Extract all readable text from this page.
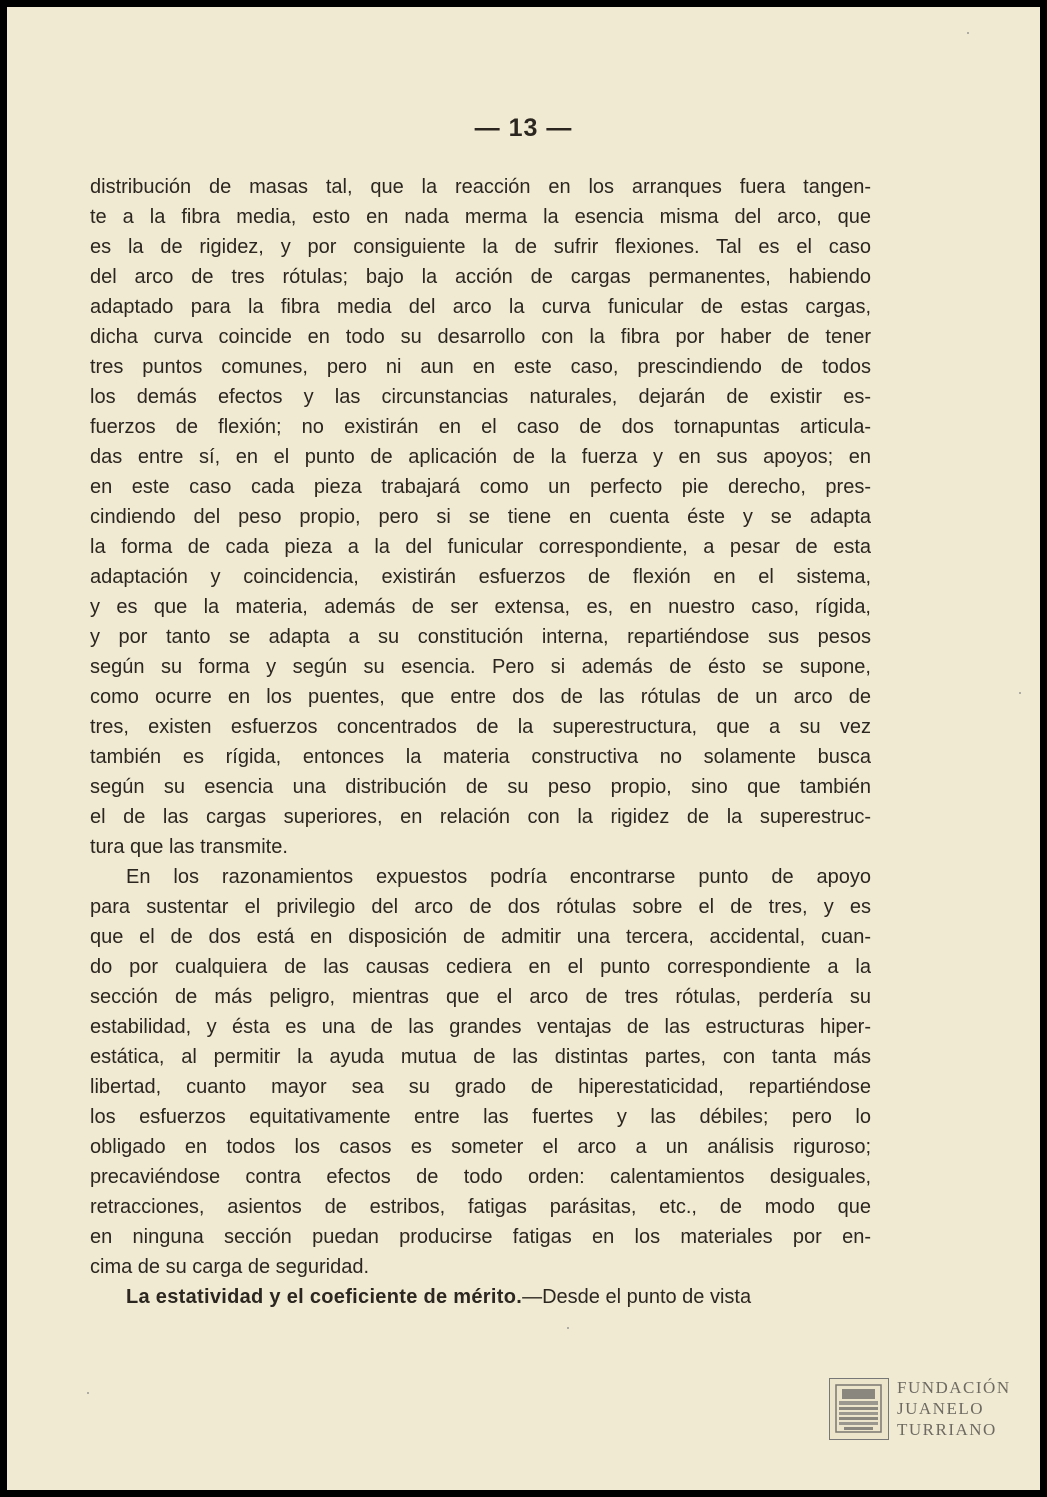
— 13 —
distribución de masas tal, que la reacción en los arranques fuera tangen-
te a la fibra media, esto en nada merma la esencia misma del arco, que
es la de rigidez, y por consiguiente la de sufrir flexiones. Tal es el caso
del arco de tres rótulas; bajo la acción de cargas permanentes, habiendo
adaptado para la fibra media del arco la curva funicular de estas cargas,
dicha curva coincide en todo su desarrollo con la fibra por haber de tener
tres puntos comunes, pero ni aun en este caso, prescindiendo de todos
los demás efectos y las circunstancias naturales, dejarán de existir es-
fuerzos de flexión; no existirán en el caso de dos tornapuntas articula-
das entre sí, en el punto de aplicación de la fuerza y en sus apoyos; en
en este caso cada pieza trabajará como un perfecto pie derecho, pres-
cindiendo del peso propio, pero si se tiene en cuenta éste y se adapta
la forma de cada pieza a la del funicular correspondiente, a pesar de esta
adaptación y coincidencia, existirán esfuerzos de flexión en el sistema,
y es que la materia, además de ser extensa, es, en nuestro caso, rígida,
y por tanto se adapta a su constitución interna, repartiéndose sus pesos
según su forma y según su esencia. Pero si además de ésto se supone,
como ocurre en los puentes, que entre dos de las rótulas de un arco de
tres, existen esfuerzos concentrados de la superestructura, que a su vez
también es rígida, entonces la materia constructiva no solamente busca
según su esencia una distribución de su peso propio, sino que también
el de las cargas superiores, en relación con la rigidez de la superestruc-
tura que las transmite.
En los razonamientos expuestos podría encontrarse punto de apoyo
para sustentar el privilegio del arco de dos rótulas sobre el de tres, y es
que el de dos está en disposición de admitir una tercera, accidental, cuan-
do por cualquiera de las causas cediera en el punto correspondiente a la
sección de más peligro, mientras que el arco de tres rótulas, perdería su
estabilidad, y ésta es una de las grandes ventajas de las estructuras hiper-
estática, al permitir la ayuda mutua de las distintas partes, con tanta más
libertad, cuanto mayor sea su grado de hiperestaticidad, repartiéndose
los esfuerzos equitativamente entre las fuertes y las débiles; pero lo
obligado en todos los casos es someter el arco a un análisis riguroso;
precaviéndose contra efectos de todo orden: calentamientos desiguales,
retracciones, asientos de estribos, fatigas parásitas, etc., de modo que
en ninguna sección puedan producirse fatigas en los materiales por en-
cima de su carga de seguridad.
La estatividad y el coeficiente de mérito.—Desde el punto de vista
FUNDACIÓN
JUANELO
TURRIANO
